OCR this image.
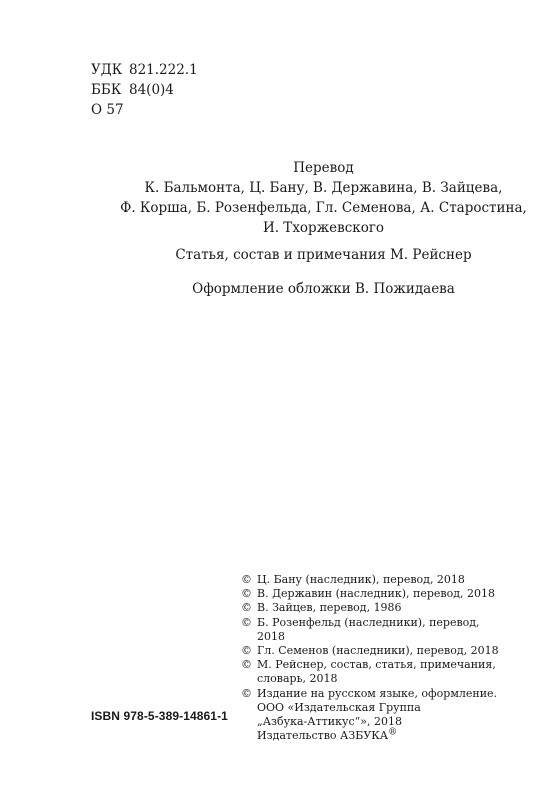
УДК 821.222.1
ББК 84(0)4
О 57

Перевод

К. Бальмонта, Ц. Бану, В. Державина, В. Зайцева,

Ф. Корша, Б. Розенфельда, Гл. Семенова, А. Старостина,

И. Тхоржевского

Статья, состав и примечания М. Рейснер
Оформление обложки В. Пожидаева
© Ц. Бану (наследник), перевод, 2018
© В. Державин (наследник), перевод, 2018
© В. Зайцев, перевод, 1986
© Б. Розенфельд (наследники), перевод, 2018
© Гл. Семенов (наследники), перевод, 2018
© М. Рейснер, состав, статья, примечания,
словарь, 2018
© Издание на русском языке, оформление.
ООО «Издательская Группа
„Азбука-Аттикус“», 2018
Издательство АЗБУКА®
ISBN 978-5-389-14861-1
